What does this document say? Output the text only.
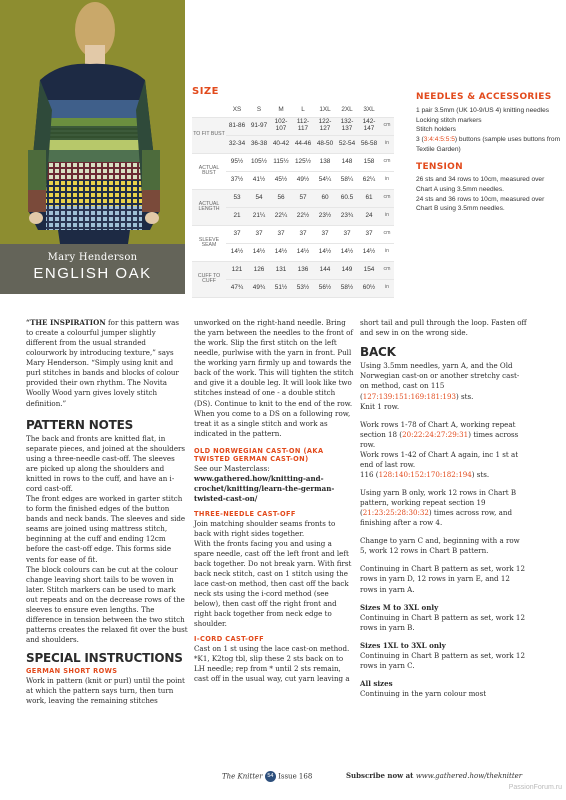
Mary Henderson
ENGLISH OAK
SIZE
	XS	S	M	L	1XL	2XL	3XL	
TO FIT BUST	81-86	91-97	102-107	112-117	122-127	132-137	142-147	cm
	32-34	36-38	40-42	44-46	48-50	52-54	56-58	in
ACTUAL BUST	95½	105½	115½	125½	138	148	158	cm
	37½	41½	45½	49½	54¼	58¼	62¼	in
ACTUAL LENGTH	53	54	56	57	60	60.5	61	cm
	21	21¼	22¼	22½	23½	23¾	24	in
SLEEVE SEAM	37	37	37	37	37	37	37	cm
	14½	14½	14½	14½	14½	14½	14½	in
CUFF TO CUFF	121	126	131	136	144	149	154	cm
	47¾	49¾	51½	53½	56½	58½	60½	in
NEEDLES & ACCESSORIES

1 pair 3.5mm (UK 10-9/US 4) knitting needles

Locking stitch markers

Stitch holders

3 (3:4:4:5:5:5) buttons (sample uses buttons from Textile Garden)

TENSION

26 sts and 34 rows to 10cm, measured over Chart A using 3.5mm needles.

24 sts and 36 rows to 10cm, measured over Chart B using 3.5mm needles.

“THE INSPIRATION for this pattern was to create a colourful jumper slightly different from the usual stranded colourwork by introducing texture,” says Mary Henderson. “Simply using knit and purl stitches in bands and blocks of colour provided their own rhythm. The Novita Woolly Wood yarn gives lovely stitch definition.”

PATTERN NOTES

The back and fronts are knitted flat, in separate pieces, and joined at the shoulders using a three-needle cast-off. The sleeves are picked up along the shoulders and knitted in rows to the cuff, and have an i-cord cast-off.

The front edges are worked in garter stitch to form the finished edges of the button bands and neck bands. The sleeves and side seams are joined using mattress stitch, beginning at the cuff and ending 12cm before the cast-off edge. This forms side vents for ease of fit.

The block colours can be cut at the colour change leaving short tails to be woven in later. Stitch markers can be used to mark out repeats and on the decrease rows of the sleeves to ensure even lengths. The difference in tension between the two stitch patterns creates the relaxed fit over the bust and shoulders.

SPECIAL INSTRUCTIONS
GERMAN SHORT ROWS

Work in pattern (knit or purl) until the point at which the pattern says turn, then turn work, leaving the remaining stitches

unworked on the right-hand needle. Bring the yarn between the needles to the front of the work. Slip the first stitch on the left needle, purlwise with the yarn in front. Pull the working yarn firmly up and towards the back of the work. This will tighten the stitch and give it a double leg. It will look like two stitches instead of one - a double stitch (DS). Continue to knit to the end of the row.

When you come to a DS on a following row, treat it as a single stitch and work as indicated in the pattern.

OLD NORWEGIAN CAST-ON (AKA TWISTED GERMAN CAST-ON)

See our Masterclass:

www.gathered.how/knitting-and-crochet/knitting/learn-the-german-twisted-cast-on/

THREE-NEEDLE CAST-OFF

Join matching shoulder seams fronts to back with right sides together.

With the fronts facing you and using a spare needle, cast off the left front and left back together. Do not break yarn. With first back neck stitch, cast on 1 stitch using the lace cast-on method, then cast off the back neck sts using the i-cord method (see below), then cast off the right front and right back together from neck edge to shoulder.

I-CORD CAST-OFF

Cast on 1 st using the lace cast-on method. *K1, K2tog tbl, slip these 2 sts back on to LH needle; rep from * until 2 sts remain, cast off in the usual way, cut yarn leaving a

short tail and pull through the loop. Fasten off and sew in on the wrong side.

BACK

Using 3.5mm needles, yarn A, and the Old Norwegian cast-on or another stretchy cast-on method, cast on 115 (127:139:151:169:181:193) sts.

Knit 1 row.

Work rows 1-78 of Chart A, working repeat section 18 (20:22:24:27:29:31) times across row.

Work rows 1-42 of Chart A again, inc 1 st at end of last row.

116 (128:140:152:170:182:194) sts.

Using yarn B only, work 12 rows in Chart B pattern, working repeat section 19 (21:23:25:28:30:32) times across row, and finishing after a row 4.

Change to yarn C and, beginning with a row 5, work 12 rows in Chart B pattern.

Continuing in Chart B pattern as set, work 12 rows in yarn D, 12 rows in yarn E, and 12 rows in yarn A.

Sizes M to 3XL only

Continuing in Chart B pattern as set, work 12 rows in yarn B.

Sizes 1XL to 3XL only

Continuing in Chart B pattern as set, work 12 rows in yarn C.

All sizes

Continuing in the yarn colour most

The Knitter 54 Issue 168	Subscribe now at www.gathered.how/theknitter
PassionForum.ru
